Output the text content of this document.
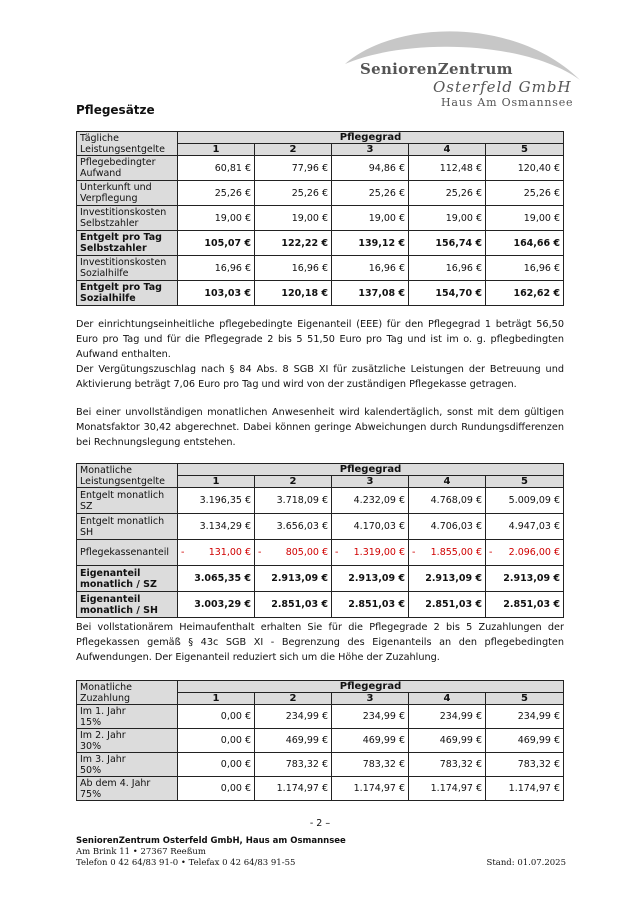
SeniorenZentrum
Osterfeld GmbH
Haus Am Osmannsee
Pflegesätze
Tägliche
Leistungsentgelte	Pflegegrad				
	1	2	3	4	5

Pflegebedingter
Aufwand	60,81 €	77,96 €	94,86 €	112,48 €	120,40 €

Unterkunft und
Verpflegung	25,26 €	25,26 €	25,26 €	25,26 €	25,26 €

Investitionskosten
Selbstzahler	19,00 €	19,00 €	19,00 €	19,00 €	19,00 €

Entgelt pro Tag
Selbstzahler	105,07 €	122,22 €	139,12 €	156,74 €	164,66 €

Investitionskosten
Sozialhilfe	16,96 €	16,96 €	16,96 €	16,96 €	16,96 €

Entgelt pro Tag
Sozialhilfe	103,03 €	120,18 €	137,08 €	154,70 €	162,62 €

Der einrichtungseinheitliche pflegebedingte Eigenanteil (EEE) für den Pflegegrad 1 beträgt 56,50 Euro pro Tag und für die Pflegegrade 2 bis 5 51,50 Euro pro Tag und ist im o. g. pflegbedingten Aufwand enthalten.

Der Vergütungszuschlag nach § 84 Abs. 8 SGB XI für zusätzliche Leistungen der Betreuung und Aktivierung beträgt 7,06 Euro pro Tag und wird von der zuständigen Pflegekasse getragen.

Bei einer unvollständigen monatlichen Anwesenheit wird kalendertäglich, sonst mit dem gültigen Monatsfaktor 30,42 abgerechnet. Dabei können geringe Abweichungen durch Rundungsdifferenzen bei Rechnungslegung entstehen.

Monatliche
Leistungsentgelte	Pflegegrad				
	1	2	3	4	5

Entgelt monatlich
SZ	3.196,35 €	3.718,09 €	4.232,09 €	4.768,09 €	5.009,09 €

Entgelt monatlich
SH	3.134,29 €	3.656,03 €	4.170,03 €	4.706,03 €	4.947,03 €

Pflegekassenanteil	- 131,00 €	- 805,00 €	- 1.319,00 €	- 1.855,00 €	- 2.096,00 €

Eigenanteil
monatlich / SZ	3.065,35 €	2.913,09 €	2.913,09 €	2.913,09 €	2.913,09 €

Eigenanteil
monatlich / SH	3.003,29 €	2.851,03 €	2.851,03 €	2.851,03 €	2.851,03 €

Bei vollstationärem Heimaufenthalt erhalten Sie für die Pflegegrade 2 bis 5 Zuzahlungen der Pflegekassen gemäß § 43c SGB XI - Begrenzung des Eigenanteils an den pflegebedingten Aufwendungen. Der Eigenanteil reduziert sich um die Höhe der Zuzahlung.

Monatliche
Zuzahlung	Pflegegrad				
	1	2	3	4	5

Im 1. Jahr
15%	0,00 €	234,99 €	234,99 €	234,99 €	234,99 €

Im 2. Jahr
30%	0,00 €	469,99 €	469,99 €	469,99 €	469,99 €

Im 3. Jahr
50%	0,00 €	783,32 €	783,32 €	783,32 €	783,32 €

Ab dem 4. Jahr
75%	0,00 €	1.174,97 €	1.174,97 €	1.174,97 €	1.174,97 €
- 2 –
SeniorenZentrum Osterfeld GmbH, Haus am Osmannsee
Am Brink 11 • 27367 Reeßum
Telefon 0 42 64/83 91-0 • Telefax 0 42 64/83 91-55	Stand: 01.07.2025
